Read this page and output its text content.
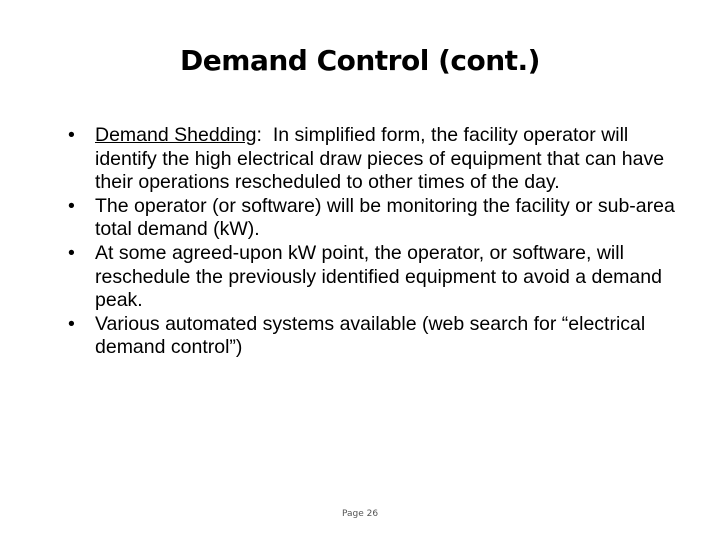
Demand Control (cont.)
• Demand Shedding:  In simplified form, the facility operator will identify the high electrical draw pieces of equipment that can have their operations rescheduled to other times of the day.
• The operator (or software) will be monitoring the facility or sub-area total demand (kW).
• At some agreed-upon kW point, the operator, or software, will reschedule the previously identified equipment to avoid a demand peak.
• Various automated systems available (web search for “electrical demand control”)
Page 26
